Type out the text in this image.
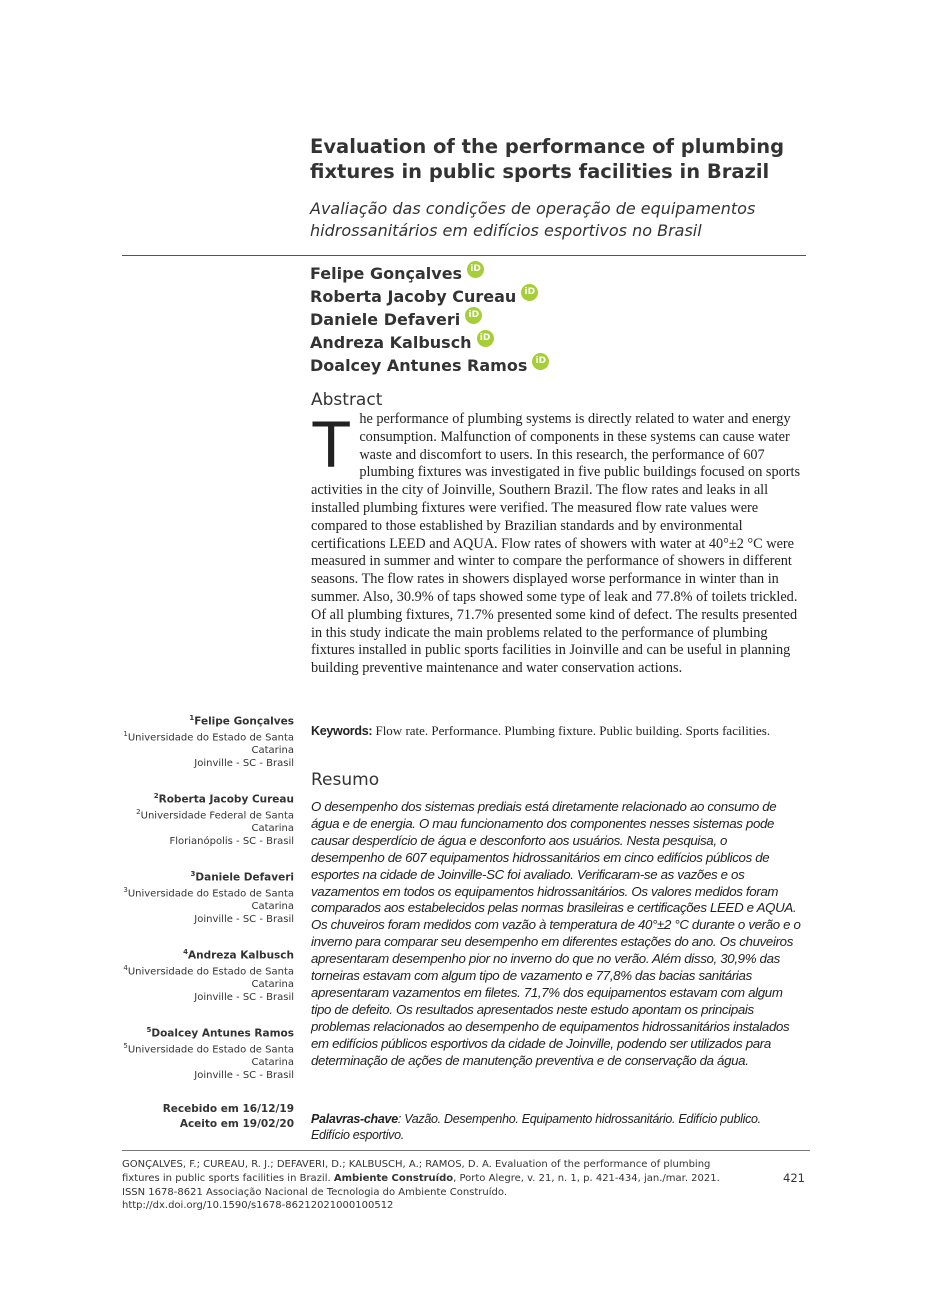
Evaluation of the performance of plumbing fixtures in public sports facilities in Brazil
Avaliação das condições de operação de equipamentos hidrossanitários em edifícios esportivos no Brasil
Felipe Gonçalves iD
Roberta Jacoby Cureau iD
Daniele Defaveri iD
Andreza Kalbusch iD
Doalcey Antunes Ramos iD
Abstract
The performance of plumbing systems is directly related to water and energy consumption. Malfunction of components in these systems can cause water waste and discomfort to users. In this research, the performance of 607 plumbing fixtures was investigated in five public buildings focused on sports activities in the city of Joinville, Southern Brazil. The flow rates and leaks in all installed plumbing fixtures were verified. The measured flow rate values were compared to those established by Brazilian standards and by environmental certifications LEED and AQUA. Flow rates of showers with water at 40°±2 °C were measured in summer and winter to compare the performance of showers in different seasons. The flow rates in showers displayed worse performance in winter than in summer. Also, 30.9% of taps showed some type of leak and 77.8% of toilets trickled. Of all plumbing fixtures, 71.7% presented some kind of defect. The results presented in this study indicate the main problems related to the performance of plumbing fixtures installed in public sports facilities in Joinville and can be useful in planning building preventive maintenance and water conservation actions.
Keywords: Flow rate. Performance. Plumbing fixture. Public building. Sports facilities.
Resumo
O desempenho dos sistemas prediais está diretamente relacionado ao consumo de água e de energia. O mau funcionamento dos componentes nesses sistemas pode causar desperdício de água e desconforto aos usuários. Nesta pesquisa, o desempenho de 607 equipamentos hidrossanitários em cinco edifícios públicos de esportes na cidade de Joinville-SC foi avaliado. Verificaram-se as vazões e os vazamentos em todos os equipamentos hidrossanitários. Os valores medidos foram comparados aos estabelecidos pelas normas brasileiras e certificações LEED e AQUA. Os chuveiros foram medidos com vazão à temperatura de 40°±2 °C durante o verão e o inverno para comparar seu desempenho em diferentes estações do ano. Os chuveiros apresentaram desempenho pior no inverno do que no verão. Além disso, 30,9% das torneiras estavam com algum tipo de vazamento e 77,8% das bacias sanitárias apresentaram vazamentos em filetes. 71,7% dos equipamentos estavam com algum tipo de defeito. Os resultados apresentados neste estudo apontam os principais problemas relacionados ao desempenho de equipamentos hidrossanitários instalados em edifícios públicos esportivos da cidade de Joinville, podendo ser utilizados para determinação de ações de manutenção preventiva e de conservação da água.
Palavras-chave: Vazão. Desempenho. Equipamento hidrossanitário. Edifício publico. Edifício esportivo.
$^1$Felipe Gonçalves
$^1$Universidade do Estado de Santa Catarina
Joinville - SC - Brasil
$^2$Roberta Jacoby Cureau
$^2$Universidade Federal de Santa Catarina
Florianópolis - SC - Brasil
$^3$Daniele Defaveri
$^3$Universidade do Estado de Santa Catarina
Joinville - SC - Brasil
$^4$Andreza Kalbusch
$^4$Universidade do Estado de Santa Catarina
Joinville - SC - Brasil
$^5$Doalcey Antunes Ramos
$^5$Universidade do Estado de Santa Catarina
Joinville - SC - Brasil
Recebido em 16/12/19
Aceito em 19/02/20
GONÇALVES, F.; CUREAU, R. J.; DEFAVERI, D.; KALBUSCH, A.; RAMOS, D. A. Evaluation of the performance of plumbing fixtures in public sports facilities in Brazil. Ambiente Construído, Porto Alegre, v. 21, n. 1, p. 421-434, jan./mar. 2021.
ISSN 1678-8621 Associação Nacional de Tecnologia do Ambiente Construído.
http://dx.doi.org/10.1590/s1678-86212021000100512
421
